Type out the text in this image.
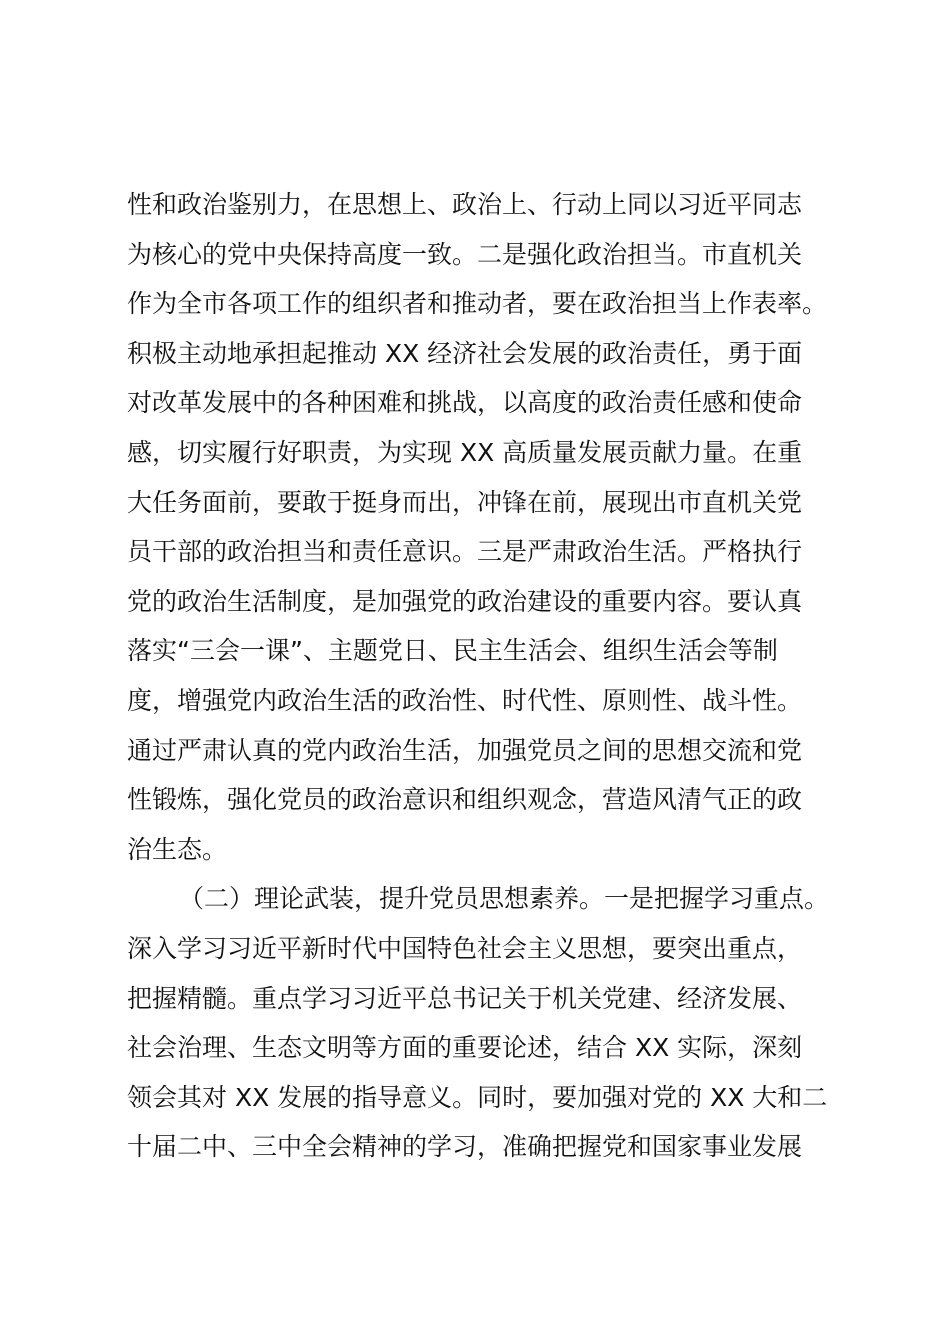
性和政治鉴别力，在思想上、政治上、行动上同以习近平同志
为核心的党中央保持高度一致。二是强化政治担当。市直机关
作为全市各项工作的组织者和推动者，要在政治担当上作表率。
积极主动地承担起推动 XX 经济社会发展的政治责任，勇于面
对改革发展中的各种困难和挑战，以高度的政治责任感和使命
感，切实履行好职责，为实现 XX 高质量发展贡献力量。在重
大任务面前，要敢于挺身而出，冲锋在前，展现出市直机关党
员干部的政治担当和责任意识。三是严肃政治生活。严格执行
党的政治生活制度，是加强党的政治建设的重要内容。要认真
落实“三会一课”、主题党日、民主生活会、组织生活会等制
度，增强党内政治生活的政治性、时代性、原则性、战斗性。
通过严肃认真的党内政治生活，加强党员之间的思想交流和党
性锻炼，强化党员的政治意识和组织观念，营造风清气正的政
治生态。
（二）理论武装，提升党员思想素养。一是把握学习重点。
深入学习习近平新时代中国特色社会主义思想，要突出重点，
把握精髓。重点学习习近平总书记关于机关党建、经济发展、
社会治理、生态文明等方面的重要论述，结合 XX 实际，深刻
领会其对 XX 发展的指导意义。同时，要加强对党的 XX 大和二
十届二中、三中全会精神的学习，准确把握党和国家事业发展
